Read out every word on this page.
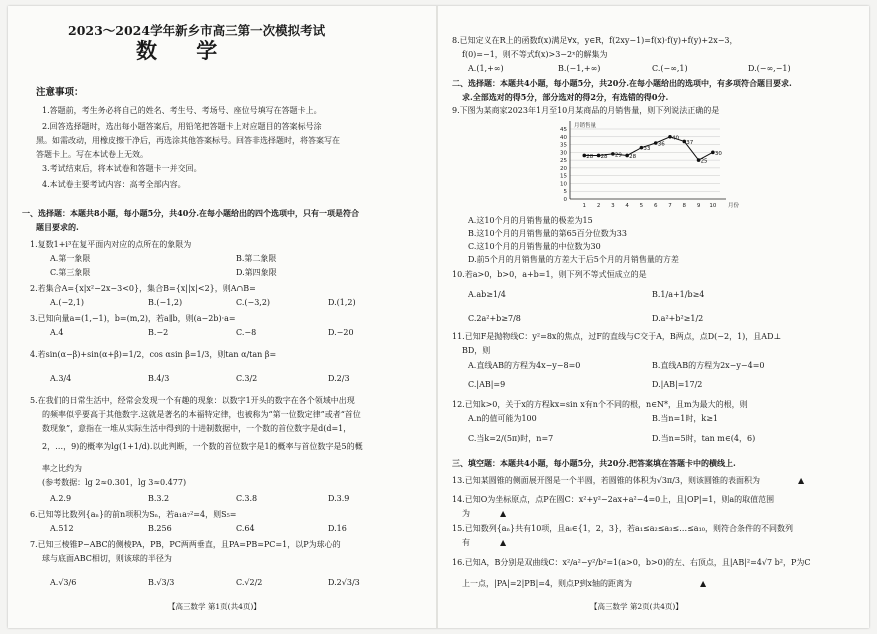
2023～2024学年新乡市高三第一次模拟考试
数 学
注意事项：
1.答题前，考生务必将自己的姓名、考生号、考场号、座位号填写在答题卡上。
2.回答选择题时，选出每小题答案后，用铅笔把答题卡上对应题目的答案标号涂
黑。如需改动，用橡皮擦干净后，再选涂其他答案标号。回答非选择题时，将答案写在
答题卡上。写在本试卷上无效。
3.考试结束后，将本试卷和答题卡一并交回。
4.本试卷主要考试内容：高考全部内容。
一、选择题：本题共8小题，每小题5分，共40分.在每小题给出的四个选项中，只有一项是符合
题目要求的.
1.复数1+i³在复平面内对应的点所在的象限为
A.第一象限	B.第二象限
C.第三象限	D.第四象限
2.若集合A={x|x²−2x−3<0}，集合B={x||x|<2}，则A∩B=
A.(−2,1)	B.(−1,2)	C.(−3,2)	D.(1,2)
3.已知向量a=(1,−1)，b=(m,2)，若a∥b，则(a−2b)·a=
A.4	B.−2	C.−8	D.−20
4.若sin(α−β)+sin(α+β)=1/2，cos αsin β=1/3，则tan α/tan β=
A.3/4	B.4/3	C.3/2	D.2/3
5.在我们的日常生活中，经常会发现一个有趣的现象：以数字1开头的数字在各个领域中出现
的频率似乎要高于其他数字.这就是著名的本福特定律，也被称为“第一位数定律”或者“首位
数现象”，意指在一堆从实际生活中得到的十进制数据中，一个数的首位数字是d(d=1，
2，…，9)的概率为lg(1+1/d).以此判断，一个数的首位数字是1的概率与首位数字是5的概
率之比约为
(参考数据：lg 2≈0.301，lg 3≈0.477)
A.2.9	B.3.2	C.3.8	D.3.9
6.已知等比数列{aₙ}的前n项积为Sₙ，若a₁a₇²=4，则S₅=
A.512	B.256	C.64	D.16
7.已知三棱锥P−ABC的侧棱PA，PB，PC两两垂直，且PA=PB=PC=1，以P为球心的
球与底面ABC相切，则该球的半径为
A.√3/6	B.√3/3	C.√2/2	D.2√3/3
【高三数学 第1页(共4页)】
8.已知定义在R上的函数f(x)满足∀x，y∈R，f(2xy−1)=f(x)·f(y)+f(y)+2x−3，
f(0)=−1，则不等式f(x)>3−2ˣ的解集为
A.(1,+∞)	B.(−1,+∞)	C.(−∞,1)	D.(−∞,−1)
9.下图为某商家2023年1月至10月某商品的月销售量，则下列说法正确的是
A.这10个月的月销售量的极差为15
B.这10个月的月销售量的第65百分位数为33
C.这10个月的月销售量的中位数为30
D.前5个月的月销售量的方差大于后5个月的月销售量的方差
10.若a>0，b>0，a+b=1，则下列不等式恒成立的是
A.ab≥1/4	B.1/a+1/b≥4
C.2a²+b≥7/8	D.a²+b²≥1/2
11.已知F是抛物线C：y²=8x的焦点，过F的直线与C交于A，B两点，点D(−2，1)，且AD⊥
BD，则
A.直线AB的方程为4x−y−8=0	B.直线AB的方程为2x−y−4=0
C.|AB|=9	D.|AB|=17/2
12.已知k>0，关于x的方程kx=sin x有n个不同的根，n∈N*，且m为最大的根，则
A.n的值可能为100	B.当n=1时，k≥1
C.当k=2/(5π)时，n=7	D.当n=5时，tan m∈(4，6)
13.已知某圆锥的侧面展开图是一个半圆，若圆锥的体积为√3π/3，则该圆锥的表面积为
14.已知O为坐标原点，点P在圆C：x²+y²−2ax+a²−4=0上，且|OP|=1，则a的取值范围
为
15.已知数列{aₙ}共有10项，且aᵢ∈{1，2，3}，若a₁≤a₂≤a₃≤…≤a₁₀，则符合条件的不同数列
有
16.已知A，B分别是双曲线C：x²/a²−y²/b²=1(a>0，b>0)的左、右顶点，且|AB|²=4√7 b²，P为C
上一点，|PA|=2|PB|=4，则点P到x轴的距离为
▲
▲
▲
▲
二、选择题：本题共4小题，每小题5分，共20分.在每小题给出的选项中，有多项符合题目要求.
求.全部选对的得5分，部分选对的得2分，有选错的得0分.
三、填空题：本题共4小题，每小题5分，共20分.把答案填在答题卡中的横线上.
0
5
10
15
20
25
30
35
40
45
月销售量
月份
1 2 3 4 5 6 7 8 9 10
28 28 29 28
33
36
40
37
25
30
【高三数学 第2页(共4页)】
